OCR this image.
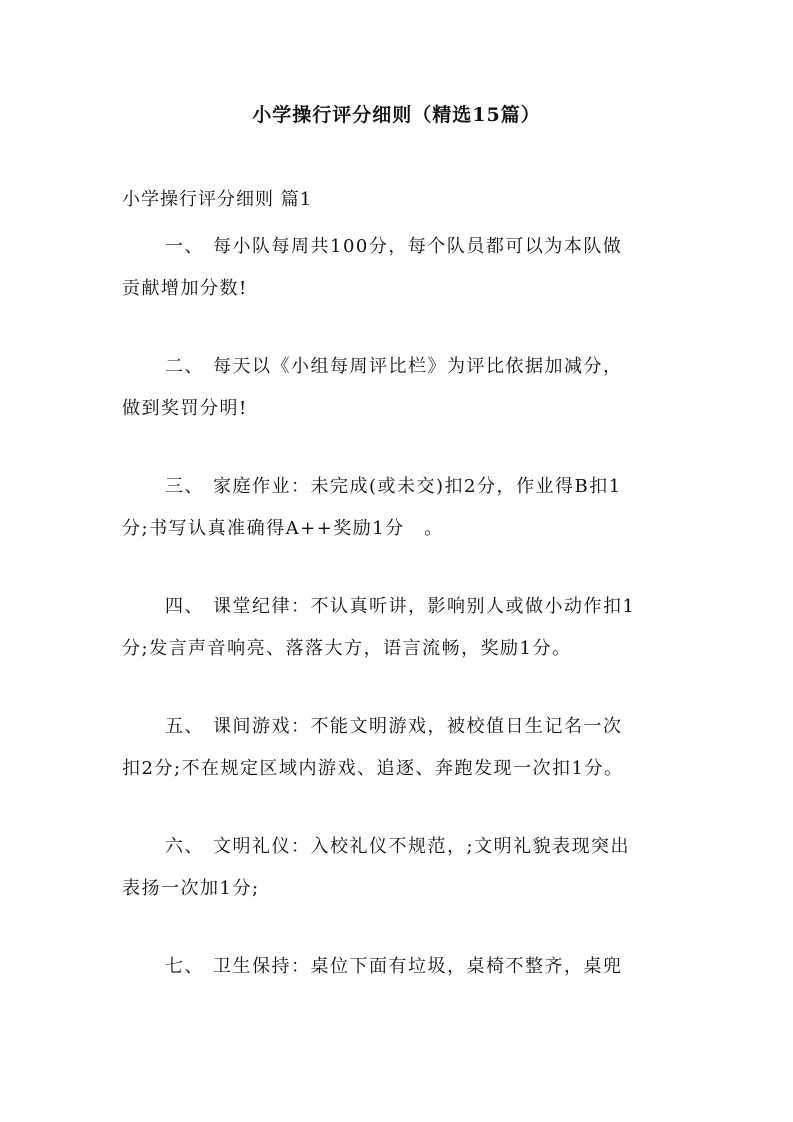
小学操行评分细则（精选15篇）
小学操行评分细则 篇1
一、 每小队每周共100分，每个队员都可以为本队做
贡献增加分数!
二、 每天以《小组每周评比栏》为评比依据加减分，
做到奖罚分明!
三、 家庭作业：未完成(或未交)扣2分，作业得B扣1
分;书写认真准确得A++奖励1分　。
四、 课堂纪律：不认真听讲，影响别人或做小动作扣1
分;发言声音响亮、落落大方，语言流畅，奖励1分。
五、 课间游戏：不能文明游戏，被校值日生记名一次
扣2分;不在规定区域内游戏、追逐、奔跑发现一次扣1分。
六、 文明礼仪：入校礼仪不规范，;文明礼貌表现突出
表扬一次加1分;
七、 卫生保持：桌位下面有垃圾，桌椅不整齐，桌兜
